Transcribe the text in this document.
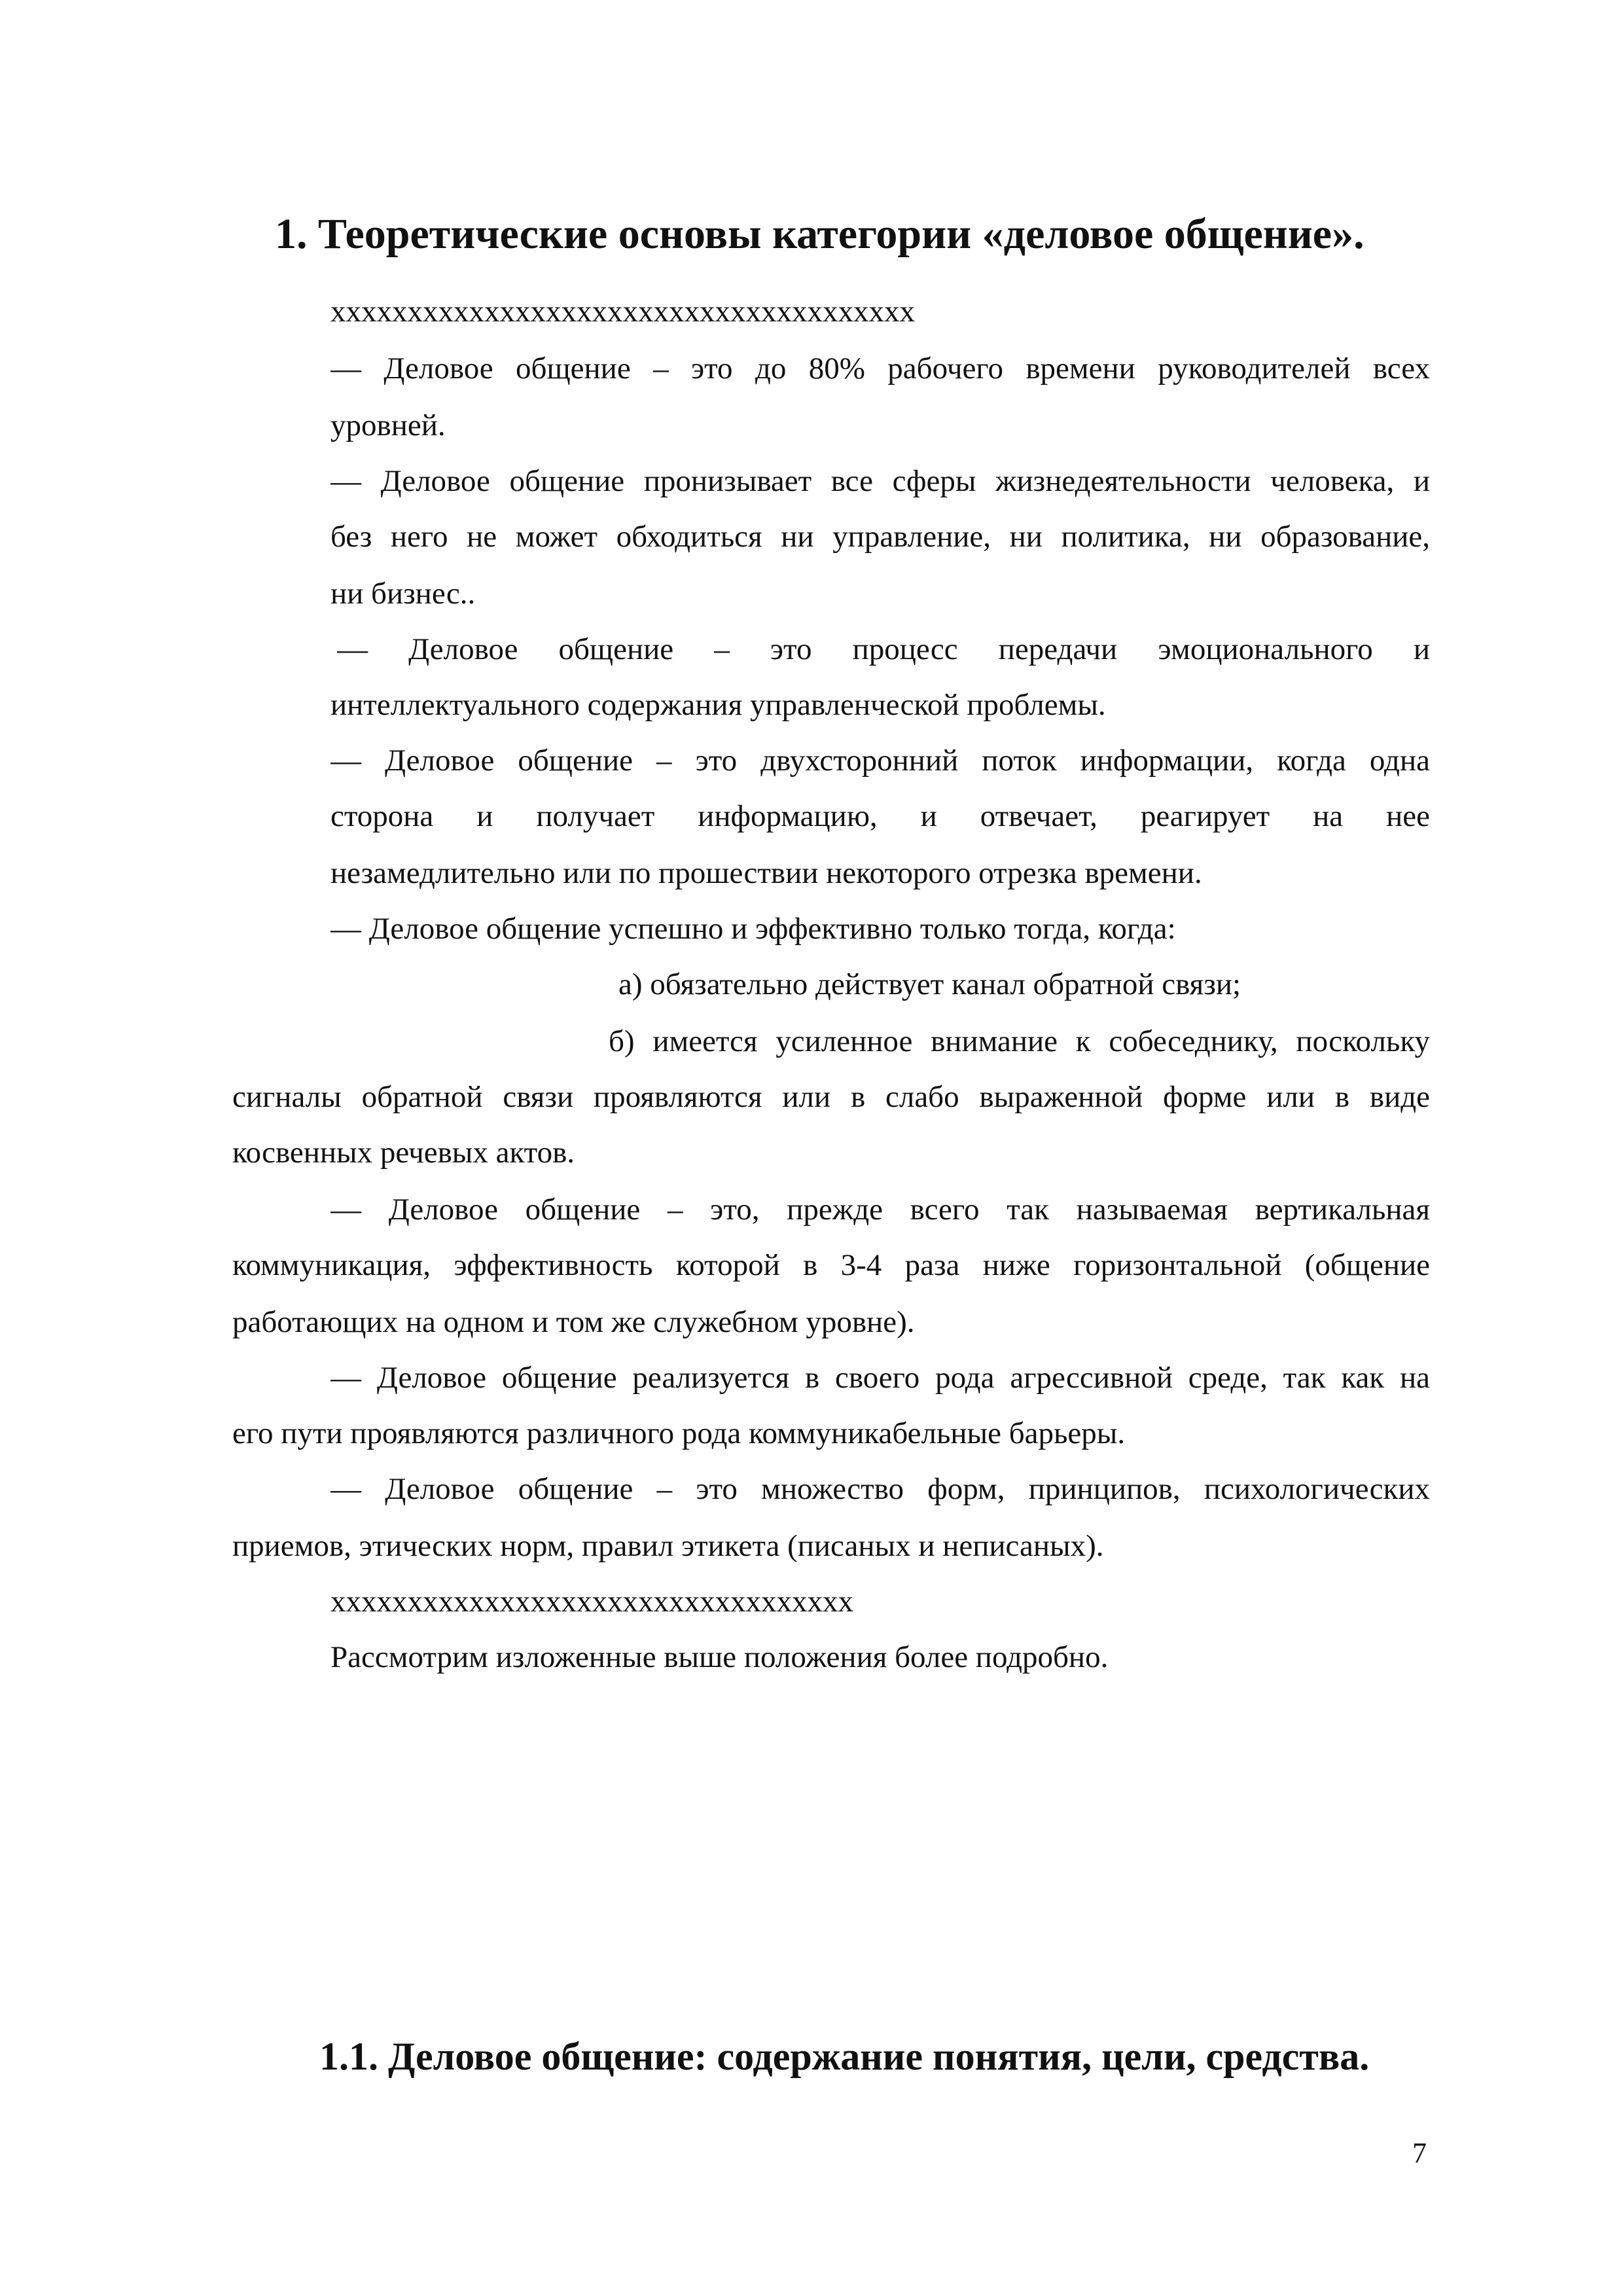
1. Теоретические основы категории «деловое общение».
хххххххххххххххххххххххххххххххххххххх
— Деловое общение – это до 80% рабочего времени руководителей всех
уровней.
— Деловое общение пронизывает все сферы жизнедеятельности человека, и
без него не может обходиться ни управление, ни политика, ни образование,
ни бизнес..
— Деловое общение – это процесс передачи эмоционального и
интеллектуального содержания управленческой проблемы.
— Деловое общение – это двухсторонний поток информации, когда одна
сторона и получает информацию, и отвечает, реагирует на нее
незамедлительно или по прошествии некоторого отрезка времени.
— Деловое общение успешно и эффективно только тогда, когда:
а) обязательно действует канал обратной связи;
б) имеется усиленное внимание к собеседнику, поскольку
сигналы обратной связи проявляются или в слабо выраженной форме или в виде
косвенных речевых актов.
— Деловое общение – это, прежде всего так называемая вертикальная
коммуникация, эффективность которой в 3-4 раза ниже горизонтальной (общение
работающих на одном и том же служебном уровне).
— Деловое общение реализуется в своего рода агрессивной среде, так как на
его пути проявляются различного рода коммуникабельные барьеры.
— Деловое общение – это множество форм, принципов, психологических
приемов, этических норм, правил этикета (писаных и неписаных).
хххххххххххххххххххххххххххххххххх
Рассмотрим изложенные выше положения более подробно.
1.1. Деловое общение: содержание понятия, цели, средства.
7
